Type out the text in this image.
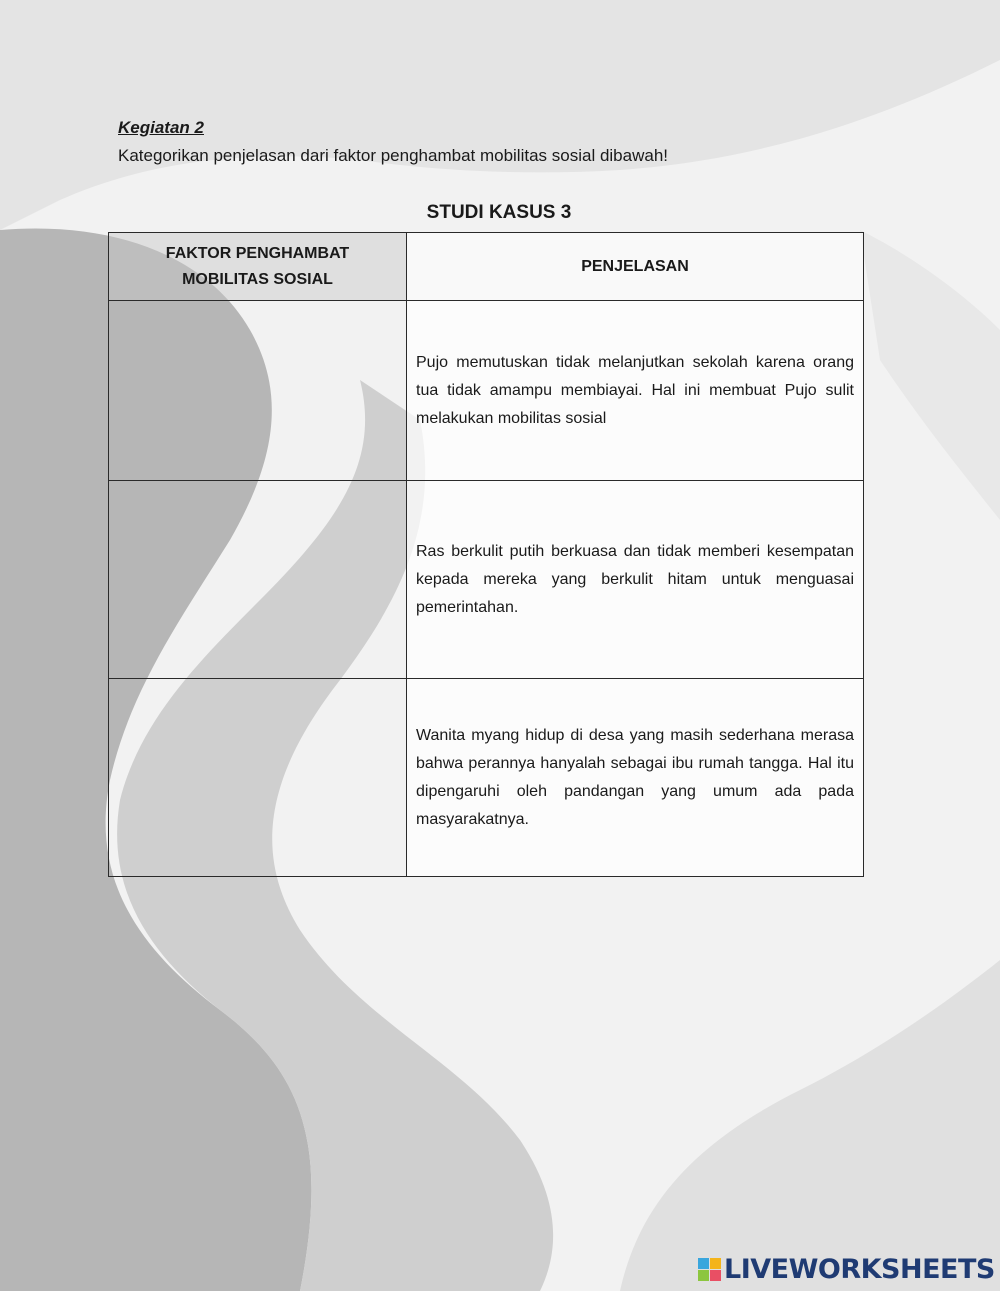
Kegiatan 2
Kategorikan penjelasan dari faktor penghambat mobilitas sosial dibawah!
STUDI KASUS 3
FAKTOR PENGHAMBAT MOBILITAS SOSIAL	PENJELASAN
	Pujo memutuskan tidak melanjutkan sekolah karena orang tua tidak amampu membiayai. Hal ini membuat Pujo sulit melakukan mobilitas sosial
	Ras berkulit putih berkuasa dan tidak memberi kesempatan kepada mereka yang berkulit hitam untuk menguasai pemerintahan.
	Wanita myang hidup di desa yang masih sederhana merasa bahwa perannya hanyalah sebagai ibu rumah tangga. Hal itu dipengaruhi oleh pandangan yang umum ada pada masyarakatnya.
LIVEWORKSHEETS
